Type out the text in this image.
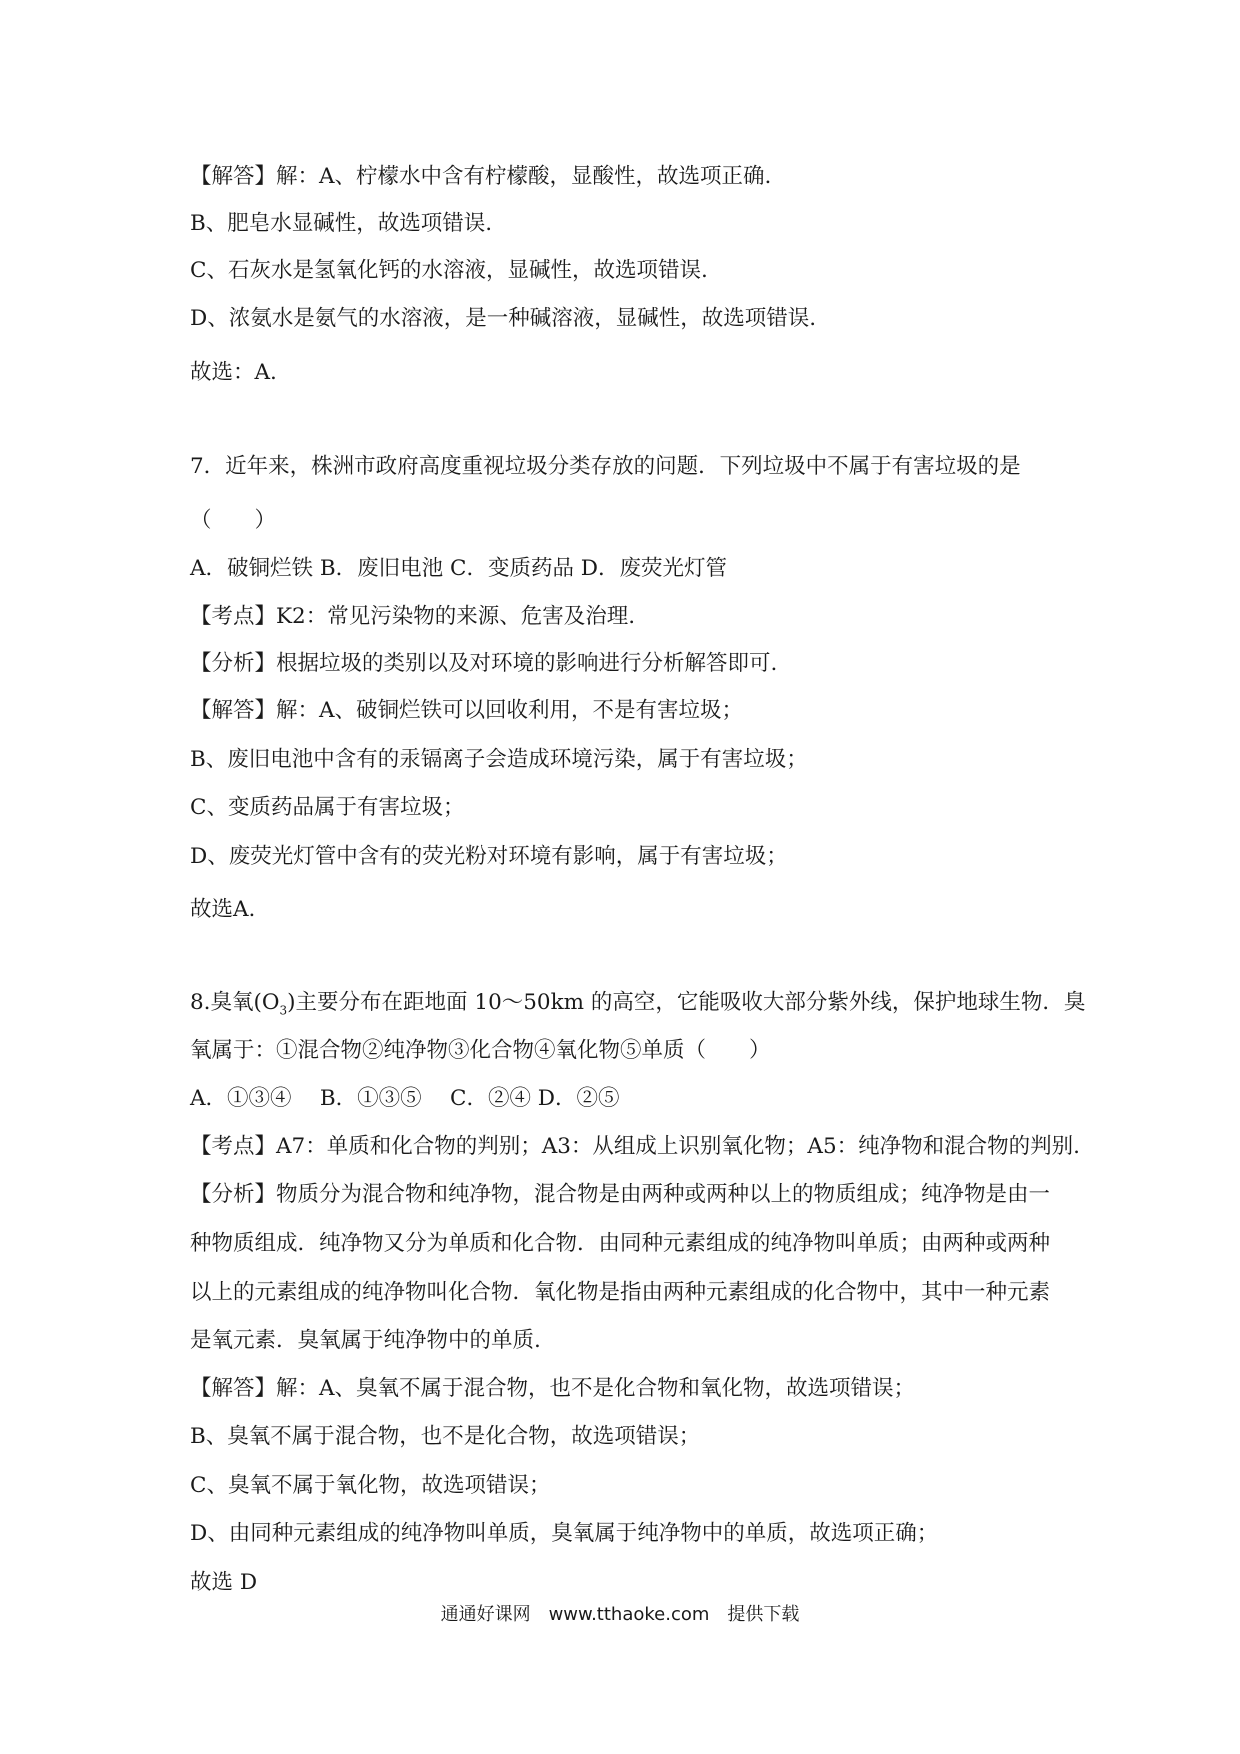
【解答】解：A、柠檬水中含有柠檬酸，显酸性，故选项正确.
B、肥皂水显碱性，故选项错误.
C、石灰水是氢氧化钙的水溶液，显碱性，故选项错误.
D、浓氨水是氨气的水溶液，是一种碱溶液，显碱性，故选项错误.
故选：A.
7．近年来，株洲市政府高度重视垃圾分类存放的问题．下列垃圾中不属于有害垃圾的是
（　　）
A．破铜烂铁 B．废旧电池 C．变质药品 D．废荧光灯管
【考点】K2：常见污染物的来源、危害及治理.
【分析】根据垃圾的类别以及对环境的影响进行分析解答即可.
【解答】解：A、破铜烂铁可以回收利用，不是有害垃圾；
B、废旧电池中含有的汞镉离子会造成环境污染，属于有害垃圾；
C、变质药品属于有害垃圾；
D、废荧光灯管中含有的荧光粉对环境有影响，属于有害垃圾；
故选A.
8.臭氧$(O_3)$主要分布在距地面 10～50km 的高空，它能吸收大部分紫外线，保护地球生物．臭
氧属于：①混合物②纯净物③化合物④氧化物⑤单质（　　）
A．①③④　 B．①③⑤　 C．②④ D．②⑤
【考点】A7：单质和化合物的判别；A3：从组成上识别氧化物；A5：纯净物和混合物的判别.
【分析】物质分为混合物和纯净物，混合物是由两种或两种以上的物质组成；纯净物是由一
种物质组成．纯净物又分为单质和化合物．由同种元素组成的纯净物叫单质；由两种或两种
以上的元素组成的纯净物叫化合物．氧化物是指由两种元素组成的化合物中，其中一种元素
是氧元素．臭氧属于纯净物中的单质.
【解答】解：A、臭氧不属于混合物，也不是化合物和氧化物，故选项错误；
B、臭氧不属于混合物，也不是化合物，故选项错误；
C、臭氧不属于氧化物，故选项错误；
D、由同种元素组成的纯净物叫单质，臭氧属于纯净物中的单质，故选项正确；
故选 D
通通好课网　www.tthaoke.com　提供下载
